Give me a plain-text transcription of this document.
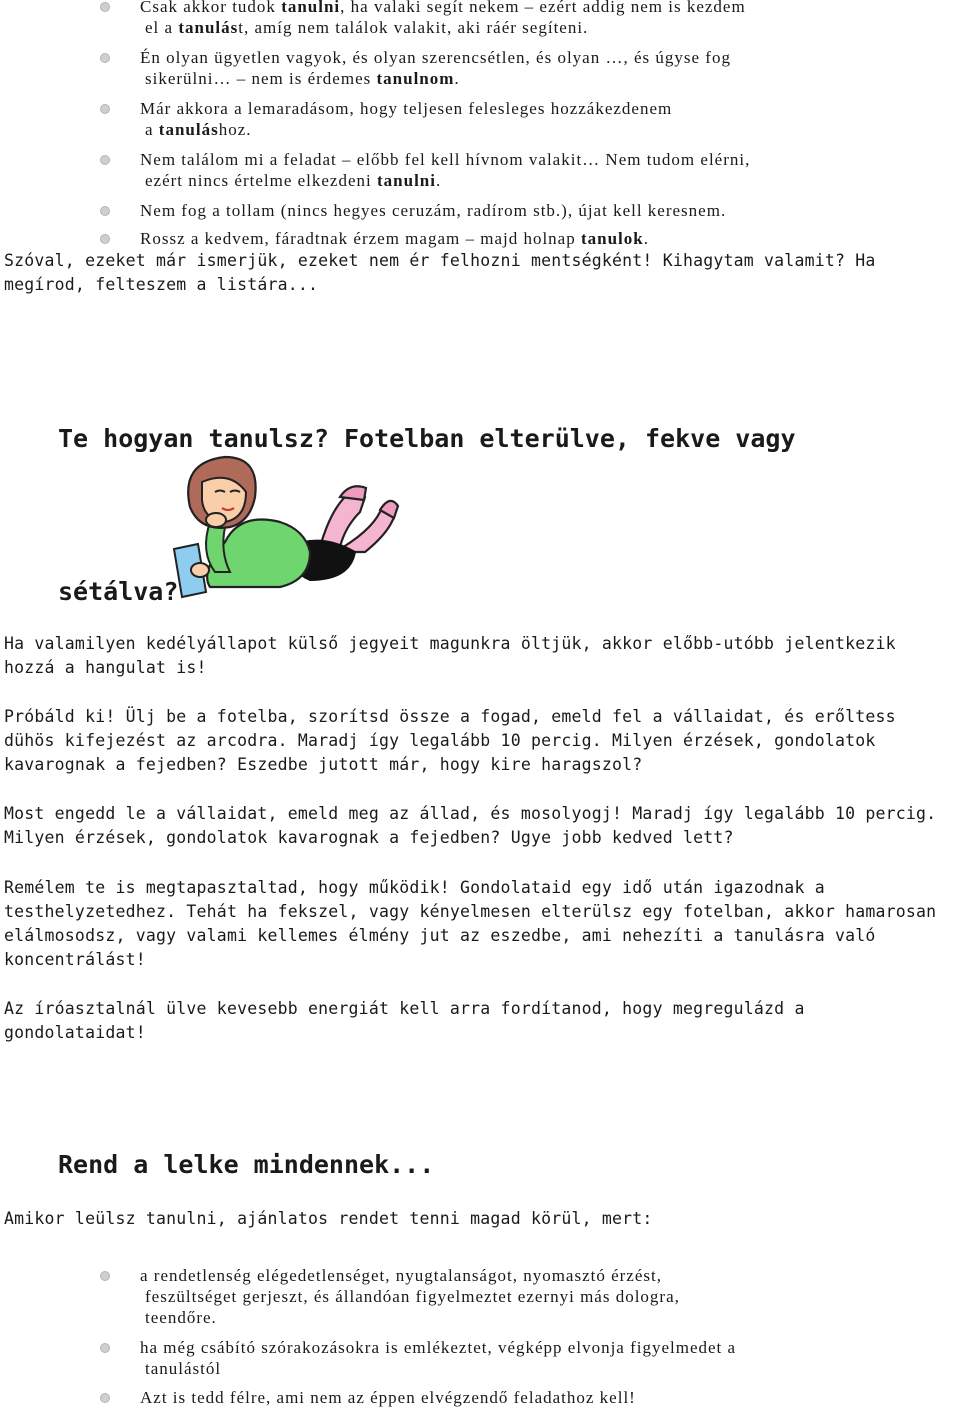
Csak akkor tudok tanulni, ha valaki segít nekem – ezért addig nem is kezdem
el a tanulást, amíg nem találok valakit, aki ráér segíteni.
Én olyan ügyetlen vagyok, és olyan szerencsétlen, és olyan …, és úgyse fog
sikerülni… – nem is érdemes tanulnom.
Már akkora a lemaradásom, hogy teljesen felesleges hozzákezdenem
a tanuláshoz.
Nem találom mi a feladat – előbb fel kell hívnom valakit… Nem tudom elérni,
ezért nincs értelme elkezdeni tanulni.
Nem fog a tollam (nincs hegyes ceruzám, radírom stb.), újat kell keresnem.
Rossz a kedvem, fáradtnak érzem magam – majd holnap tanulok.

Szóval, ezeket már ismerjük, ezeket nem ér felhozni mentségként! Kihagytam valamit? Ha megírod, felteszem a listára...

Te hogyan tanulsz? Fotelban elterülve, fekve vagy
sétálva?

Ha valamilyen kedélyállapot külső jegyeit magunkra öltjük, akkor előbb-utóbb jelentkezik hozzá a hangulat is!

Próbáld ki! Ülj be a fotelba, szorítsd össze a fogad, emeld fel a vállaidat, és erőltess dühös kifejezést az arcodra. Maradj így legalább 10 percig. Milyen érzések, gondolatok kavarognak a fejedben? Eszedbe jutott már, hogy kire haragszol?

Most engedd le a vállaidat, emeld meg az állad, és mosolyogj! Maradj így legalább 10 percig. Milyen érzések, gondolatok kavarognak a fejedben? Ugye jobb kedved lett?

Remélem te is megtapasztaltad, hogy működik! Gondolataid egy idő után igazodnak a testhelyzetedhez. Tehát ha fekszel, vagy kényelmesen elterülsz egy fotelban, akkor hamarosan elálmosodsz, vagy valami kellemes élmény jut az eszedbe, ami nehezíti a tanulásra való koncentrálást!

Az íróasztalnál ülve kevesebb energiát kell arra fordítanod, hogy megregulázd a gondolataidat!

Rend a lelke mindennek...

Amikor leülsz tanulni, ajánlatos rendet tenni magad körül, mert:

a rendetlenség elégedetlenséget, nyugtalanságot, nyomasztó érzést,
feszültséget gerjeszt, és állandóan figyelmeztet ezernyi más dologra,
teendőre.
ha még csábító szórakozásokra is emlékeztet, végképp elvonja figyelmedet a
tanulástól
Azt is tedd félre, ami nem az éppen elvégzendő feladathoz kell!
